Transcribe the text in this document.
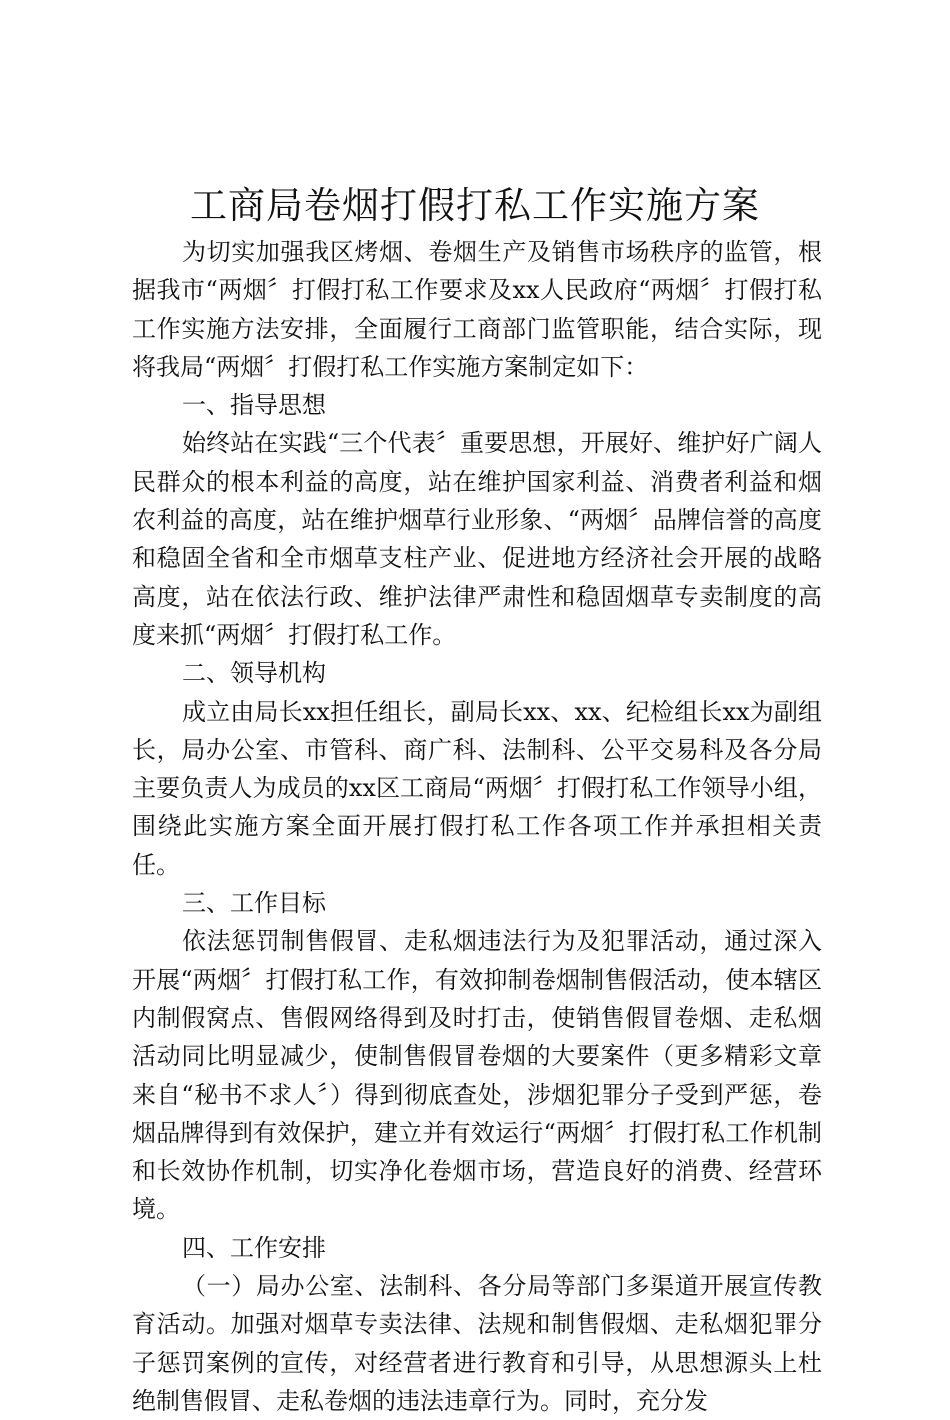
工商局卷烟打假打私工作实施方案

为切实加强我区烤烟、卷烟生产及销售市场秩序的监管，根据我市“两烟〞打假打私工作要求及xx人民政府“两烟〞打假打私工作实施方法安排，全面履行工商部门监管职能，结合实际，现将我局“两烟〞打假打私工作实施方案制定如下：

一、指导思想

始终站在实践“三个代表〞重要思想，开展好、维护好广阔人民群众的根本利益的高度，站在维护国家利益、消费者利益和烟农利益的高度，站在维护烟草行业形象、“两烟〞品牌信誉的高度和稳固全省和全市烟草支柱产业、促进地方经济社会开展的战略高度，站在依法行政、维护法律严肃性和稳固烟草专卖制度的高度来抓“两烟〞打假打私工作。

二、领导机构

成立由局长xx担任组长，副局长xx、xx、纪检组长xx为副组长，局办公室、市管科、商广科、法制科、公平交易科及各分局主要负责人为成员的xx区工商局“两烟〞打假打私工作领导小组，围绕此实施方案全面开展打假打私工作各项工作并承担相关责任。

三、工作目标

依法惩罚制售假冒、走私烟违法行为及犯罪活动，通过深入开展“两烟〞打假打私工作，有效抑制卷烟制售假活动，使本辖区内制假窝点、售假网络得到及时打击，使销售假冒卷烟、走私烟活动同比明显减少，使制售假冒卷烟的大要案件（更多精彩文章来自“秘书不求人〞）得到彻底查处，涉烟犯罪分子受到严惩，卷烟品牌得到有效保护，建立并有效运行“两烟〞打假打私工作机制和长效协作机制，切实净化卷烟市场，营造良好的消费、经营环境。

四、工作安排

（一）局办公室、法制科、各分局等部门多渠道开展宣传教育活动。加强对烟草专卖法律、法规和制售假烟、走私烟犯罪分子惩罚案例的宣传，对经营者进行教育和引导，从思想源头上杜绝制售假冒、走私卷烟的违法违章行为。同时，充分发
